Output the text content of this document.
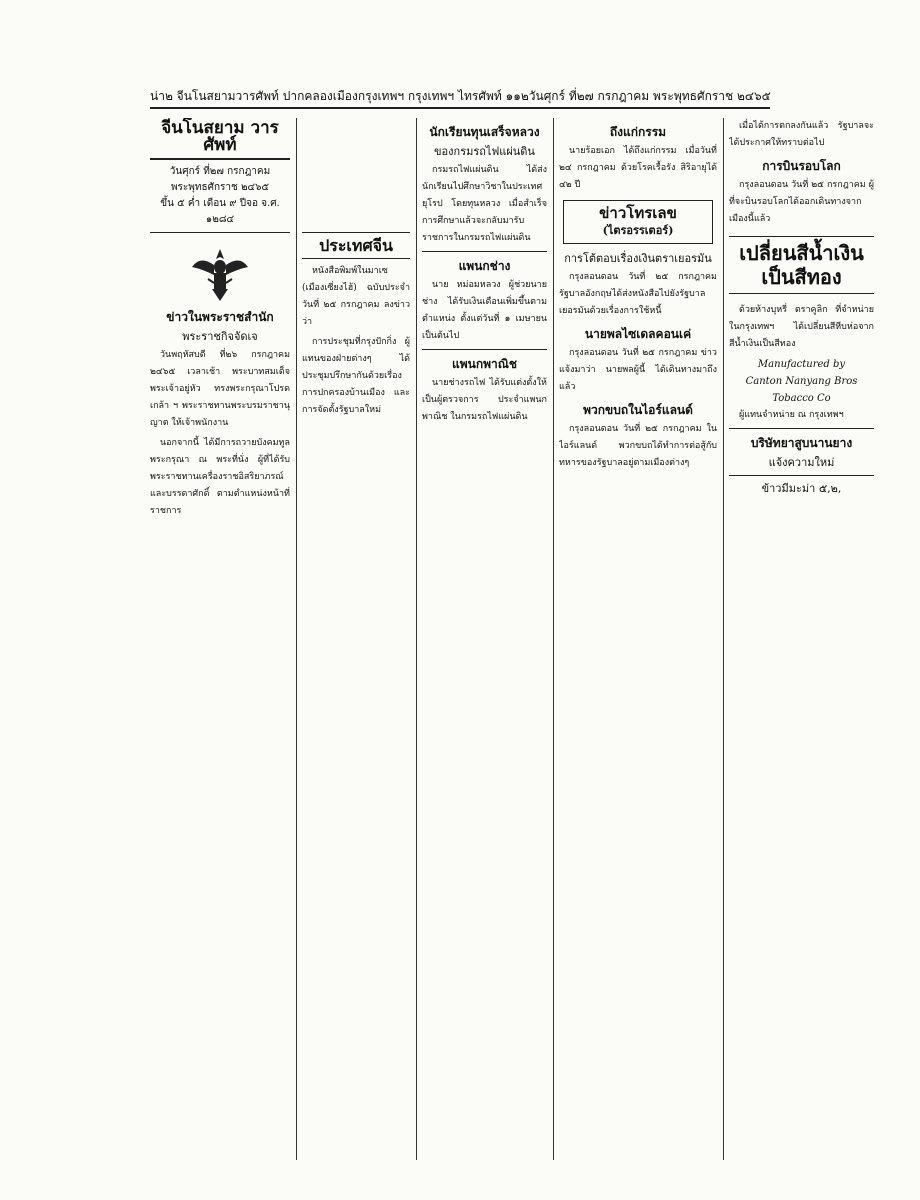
น่า๒ จีนโนสยามวารศัพท์ ปากคลองเมืองกรุงเทพฯ กรุงเทพฯ ไทรศัพท์ ๑๑๒ วันศุกร์ ที่๒๗ กรกฎาคม พระพุทธศักราช ๒๔๖๕
จีนโนสยาม วารศัพท์
วันศุกร์ ที่๒๗ กรกฎาคม พระพุทธศักราช ๒๔๖๕
ขึ้น ๕ ค่ำ เดือน ๙ ปีจอ จ.ศ. ๑๒๘๔
ข่าวในพระราชสำนัก
พระราชกิจจัดเจ

วันพฤหัสบดี ที่๒๖ กรกฎาคม ๒๔๖๕ เวลาเช้า พระบาทสมเด็จพระเจ้าอยู่หัว ทรงพระกรุณาโปรดเกล้า ฯ พระราชทานพระบรมราชานุญาต ให้เจ้าพนักงาน

นอกจากนี้ ได้มีการถวายบังคมทูลพระกรุณา ณ พระที่นั่ง ผู้ที่ได้รับพระราชทานเครื่องราชอิสริยาภรณ์ และบรรดาศักดิ์ ตามตำแหน่งหน้าที่ราชการ

ประเทศจีน

หนังสือพิมพ์ในมาเซ (เมืองเซี่ยงไฮ้) ฉบับประจำวันที่ ๒๕ กรกฎาคม ลงข่าวว่า

การประชุมที่กรุงปักกิ่ง ผู้แทนของฝ่ายต่างๆ ได้ประชุมปรึกษากันด้วยเรื่องการปกครองบ้านเมือง และการจัดตั้งรัฐบาลใหม่

นักเรียนทุนเสร็จหลวง
ของกรมรถไฟแผ่นดิน

กรมรถไฟแผ่นดิน ได้ส่งนักเรียนไปศึกษาวิชาในประเทศยุโรป โดยทุนหลวง เมื่อสำเร็จการศึกษาแล้วจะกลับมารับราชการในกรมรถไฟแผ่นดิน

แพนกช่าง

นาย หม่อมหลวง ผู้ช่วยนายช่าง ได้รับเงินเดือนเพิ่มขึ้นตามตำแหน่ง ตั้งแต่วันที่ ๑ เมษายน เป็นต้นไป

แพนกพาณิช

นายช่างรถไฟ ได้รับแต่งตั้งให้เป็นผู้ตรวจการ ประจำแพนกพาณิช ในกรมรถไฟแผ่นดิน

ถึงแก่กรรม

นายร้อยเอก ได้ถึงแก่กรรม เมื่อวันที่ ๒๔ กรกฎาคม ด้วยโรคเรื้อรัง สิริอายุได้ ๔๒ ปี

ข่าวโทรเลข
(ไตรอรรเตอร์)
การโต้ตอบเรื่องเงินตราเยอรมัน

กรุงลอนดอน วันที่ ๒๕ กรกฎาคม รัฐบาลอังกฤษได้ส่งหนังสือไปยังรัฐบาลเยอรมันด้วยเรื่องการใช้หนี้

นายพลไซเดลคอนเค่

กรุงลอนดอน วันที่ ๒๕ กรกฎาคม ข่าวแจ้งมาว่า นายพลผู้นี้ ได้เดินทางมาถึงแล้ว

พวกขบถในไอร์แลนด์

กรุงลอนดอน วันที่ ๒๕ กรกฎาคม ในไอร์แลนด์ พวกขบถได้ทำการต่อสู้กับทหารของรัฐบาลอยู่ตามเมืองต่างๆ

เมื่อได้การตกลงกันแล้ว รัฐบาลจะได้ประกาศให้ทราบต่อไป

การบินรอบโลก

กรุงลอนดอน วันที่ ๒๕ กรกฎาคม ผู้ที่จะบินรอบโลกได้ออกเดินทางจากเมืองนี้แล้ว

เปลี่ยนสีน้ำเงินเป็นสีทอง

ด้วยห้างบุหรี่ ตราคูลิก ที่จำหน่ายในกรุงเทพฯ ได้เปลี่ยนสีหีบห่อจากสีน้ำเงินเป็นสีทอง

Manufactured by
Canton Nanyang Bros Tobacco Co

ผู้แทนจำหน่าย ณ กรุงเทพฯ

บริษัทยาสูบนานยาง
แจ้งความใหม่
ข้าวมีมะม่า ๕,๒,
